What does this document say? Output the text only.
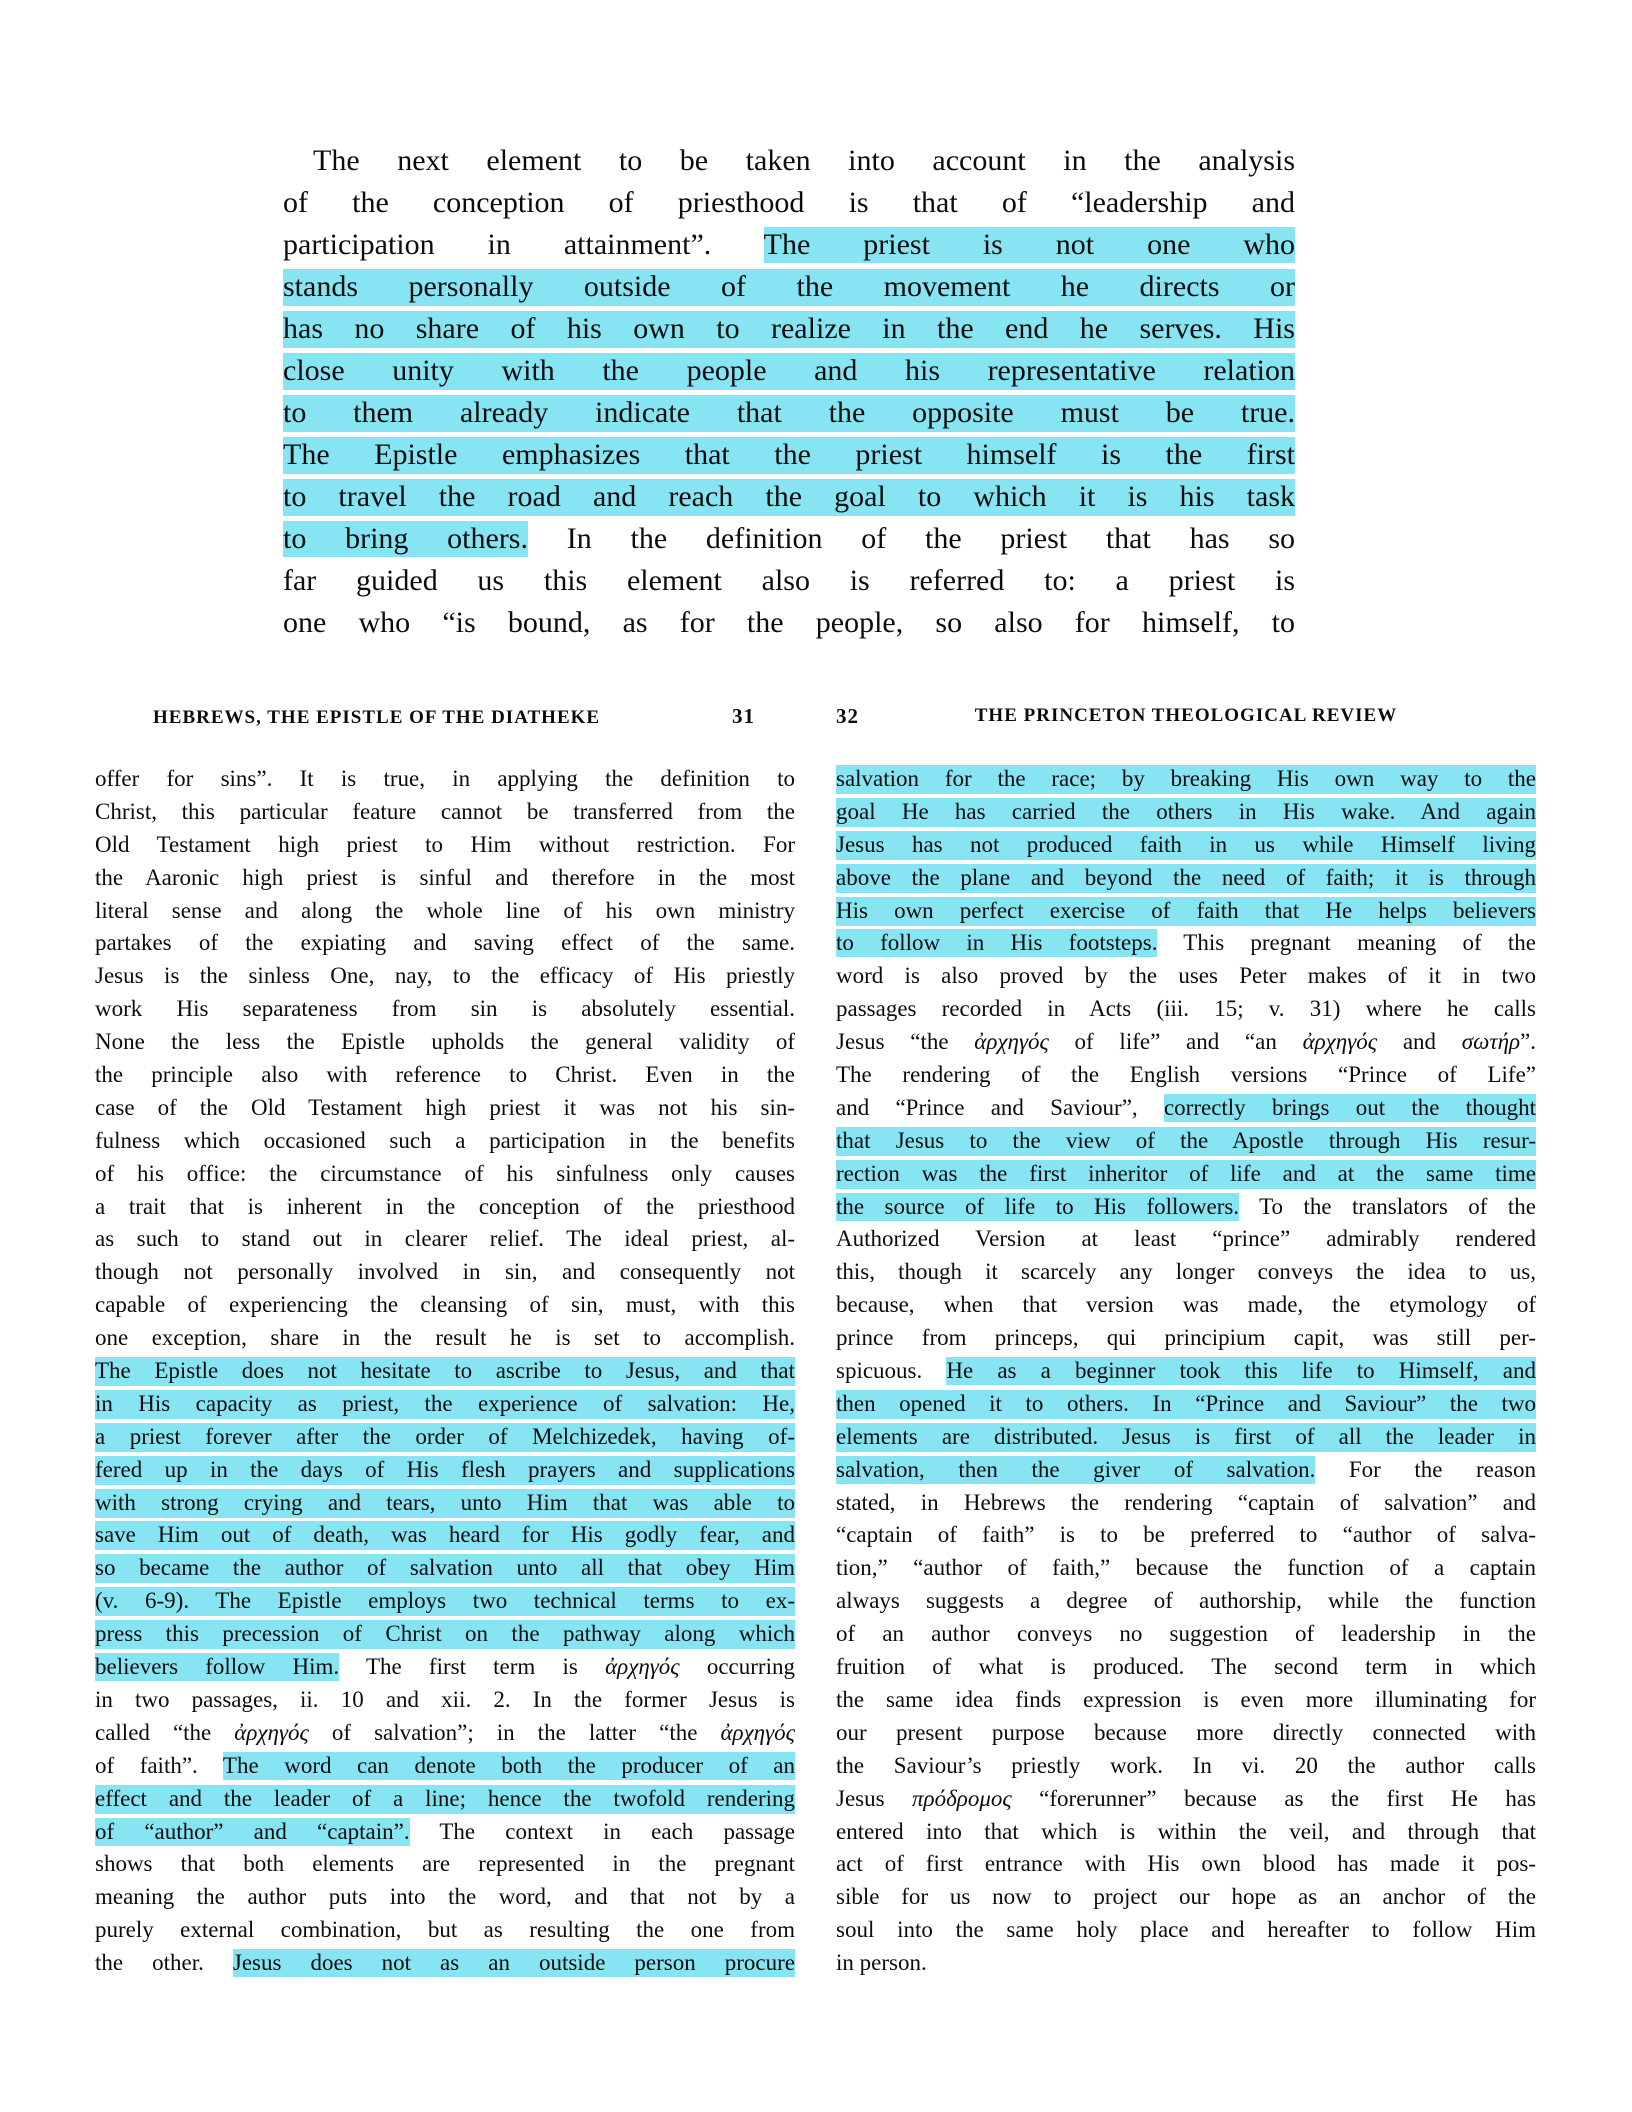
The next element to be taken into account in the analysis
of the conception of priesthood is that of “leadership and
participation in attainment”. The priest is not one who
stands personally outside of the movement he directs or
has no share of his own to realize in the end he serves. His
close unity with the people and his representative relation
to them already indicate that the opposite must be true.
The Epistle emphasizes that the priest himself is the first
to travel the road and reach the goal to which it is his task
to bring others. In the definition of the priest that has so
far guided us this element also is referred to: a priest is
one who “is bound, as for the people, so also for himself, to
HEBREWS, THE EPISTLE OF THE DIATHEKE	31	32	THE PRINCETON THEOLOGICAL REVIEW
offer for sins”. It is true, in applying the definition to
Christ, this particular feature cannot be transferred from the
Old Testament high priest to Him without restriction. For
the Aaronic high priest is sinful and therefore in the most
literal sense and along the whole line of his own ministry
partakes of the expiating and saving effect of the same.
Jesus is the sinless One, nay, to the efficacy of His priestly
work His separateness from sin is absolutely essential.
None the less the Epistle upholds the general validity of
the principle also with reference to Christ. Even in the
case of the Old Testament high priest it was not his sin-
fulness which occasioned such a participation in the benefits
of his office: the circumstance of his sinfulness only causes
a trait that is inherent in the conception of the priesthood
as such to stand out in clearer relief. The ideal priest, al-
though not personally involved in sin, and consequently not
capable of experiencing the cleansing of sin, must, with this
one exception, share in the result he is set to accomplish.
The Epistle does not hesitate to ascribe to Jesus, and that
in His capacity as priest, the experience of salvation: He,
a priest forever after the order of Melchizedek, having of-
fered up in the days of His flesh prayers and supplications
with strong crying and tears, unto Him that was able to
save Him out of death, was heard for His godly fear, and
so became the author of salvation unto all that obey Him
(v. 6-9). The Epistle employs two technical terms to ex-
press this precession of Christ on the pathway along which
believers follow Him. The first term is ἀρχηγός occurring
in two passages, ii. 10 and xii. 2. In the former Jesus is
called “the ἀρχηγός of salvation”; in the latter “the ἀρχηγός
of faith”. The word can denote both the producer of an
effect and the leader of a line; hence the twofold rendering
of “author” and “captain”. The context in each passage
shows that both elements are represented in the pregnant
meaning the author puts into the word, and that not by a
purely external combination, but as resulting the one from
the other. Jesus does not as an outside person procure
salvation for the race; by breaking His own way to the
goal He has carried the others in His wake. And again
Jesus has not produced faith in us while Himself living
above the plane and beyond the need of faith; it is through
His own perfect exercise of faith that He helps believers
to follow in His footsteps. This pregnant meaning of the
word is also proved by the uses Peter makes of it in two
passages recorded in Acts (iii. 15; v. 31) where he calls
Jesus “the ἀρχηγός of life” and “an ἀρχηγός and σωτήρ”.
The rendering of the English versions “Prince of Life”
and “Prince and Saviour”, correctly brings out the thought
that Jesus to the view of the Apostle through His resur-
rection was the first inheritor of life and at the same time
the source of life to His followers. To the translators of the
Authorized Version at least “prince” admirably rendered
this, though it scarcely any longer conveys the idea to us,
because, when that version was made, the etymology of
prince from princeps, qui principium capit, was still per-
spicuous. He as a beginner took this life to Himself, and
then opened it to others. In “Prince and Saviour” the two
elements are distributed. Jesus is first of all the leader in
salvation, then the giver of salvation. For the reason
stated, in Hebrews the rendering “captain of salvation” and
“captain of faith” is to be preferred to “author of salva-
tion,” “author of faith,” because the function of a captain
always suggests a degree of authorship, while the function
of an author conveys no suggestion of leadership in the
fruition of what is produced. The second term in which
the same idea finds expression is even more illuminating for
our present purpose because more directly connected with
the Saviour’s priestly work. In vi. 20 the author calls
Jesus πρόδρομος “forerunner” because as the first He has
entered into that which is within the veil, and through that
act of first entrance with His own blood has made it pos-
sible for us now to project our hope as an anchor of the
soul into the same holy place and hereafter to follow Him
in person.
